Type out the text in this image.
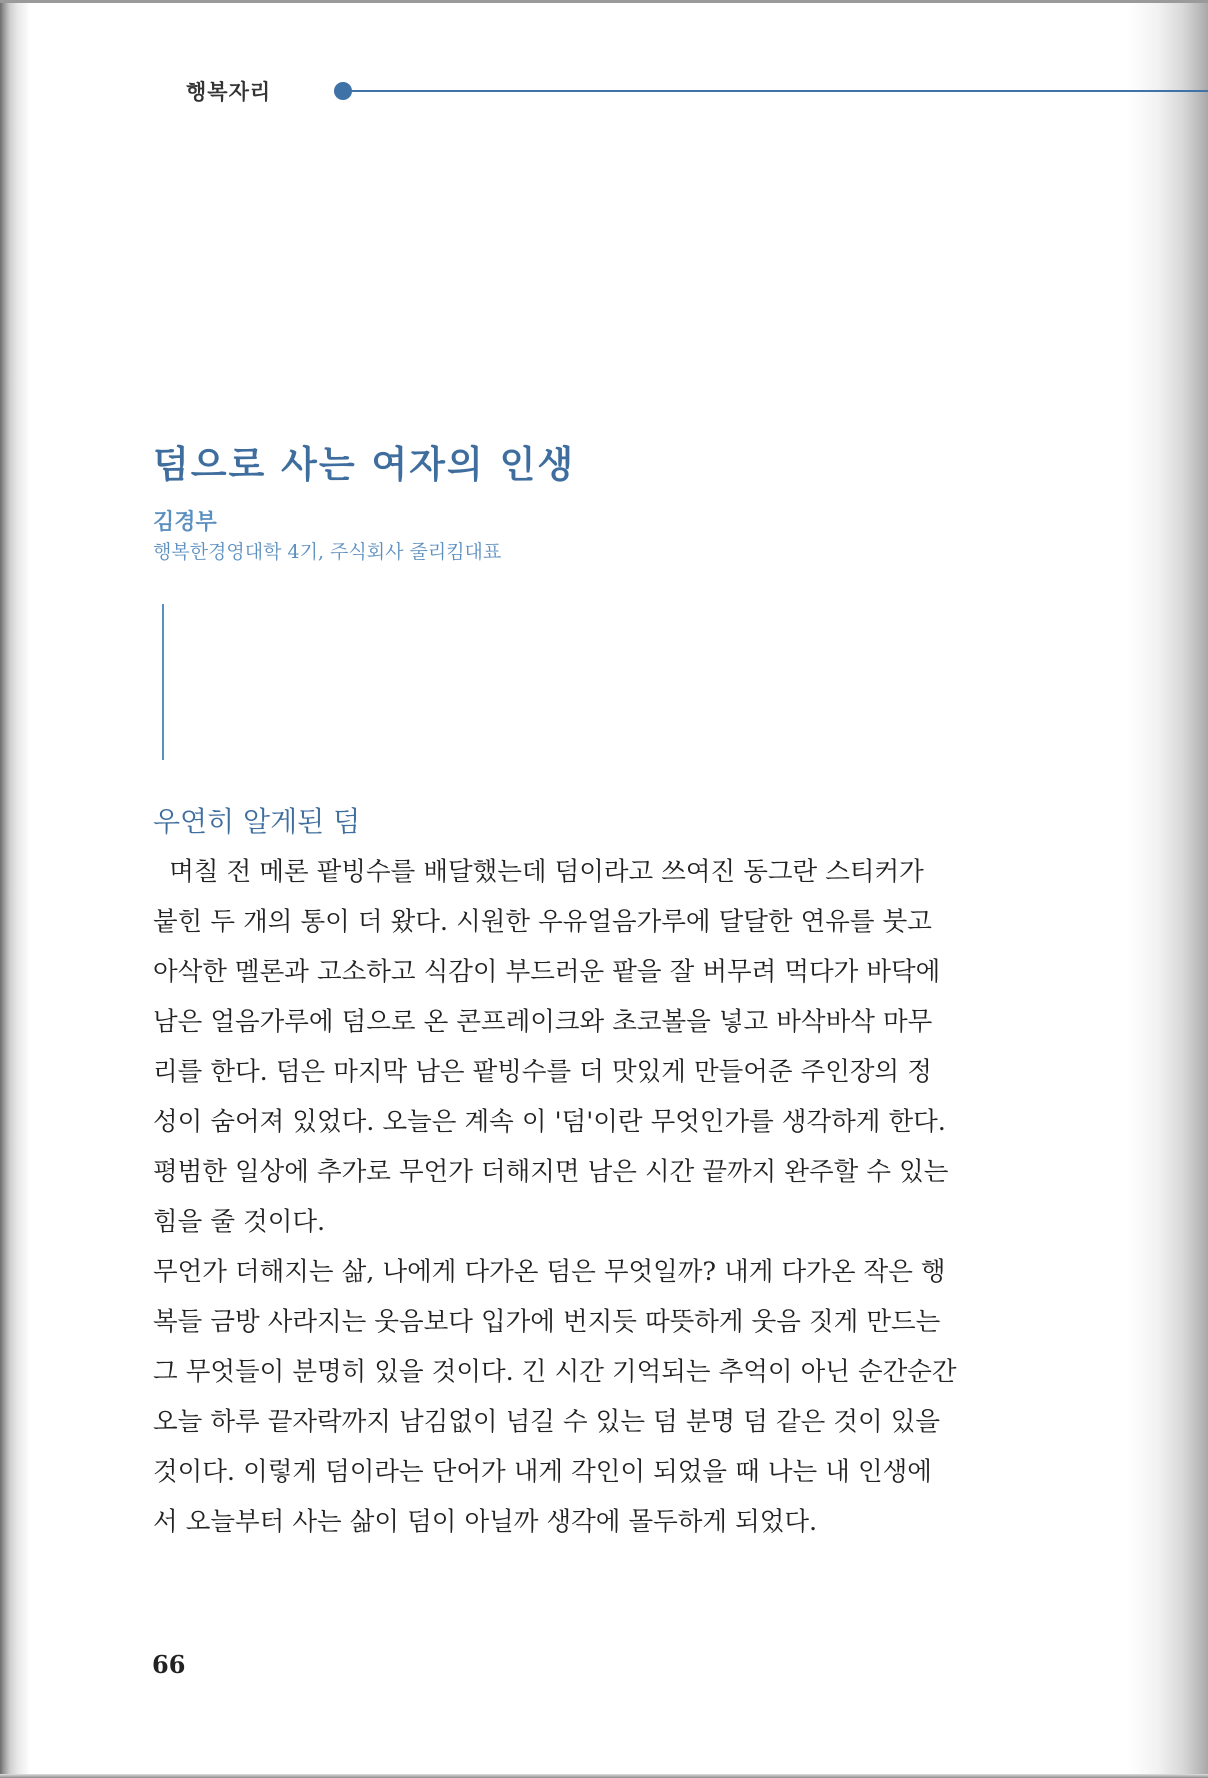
행복자리
덤으로 사는 여자의 인생
김경부
행복한경영대학 4기, 주식회사 줄리킴대표
우연히 알게된 덤
며칠 전 메론 팥빙수를 배달했는데 덤이라고 쓰여진 동그란 스티커가
붙힌 두 개의 통이 더 왔다. 시원한 우유얼음가루에 달달한 연유를 붓고
아삭한 멜론과 고소하고 식감이 부드러운 팥을 잘 버무려 먹다가 바닥에
남은 얼음가루에 덤으로 온 콘프레이크와 초코볼을 넣고 바삭바삭 마무
리를 한다. 덤은 마지막 남은 팥빙수를 더 맛있게 만들어준 주인장의 정
성이 숨어져 있었다. 오늘은 계속 이 '덤'이란 무엇인가를 생각하게 한다.
평범한 일상에 추가로 무언가 더해지면 남은 시간 끝까지 완주할 수 있는
힘을 줄 것이다.
무언가 더해지는 삶, 나에게 다가온 덤은 무엇일까? 내게 다가온 작은 행
복들 금방 사라지는 웃음보다 입가에 번지듯 따뜻하게 웃음 짓게 만드는
그 무엇들이 분명히 있을 것이다. 긴 시간 기억되는 추억이 아닌 순간순간
오늘 하루 끝자락까지 남김없이 넘길 수 있는 덤 분명 덤 같은 것이 있을
것이다. 이렇게 덤이라는 단어가 내게 각인이 되었을 때 나는 내 인생에
서 오늘부터 사는 삶이 덤이 아닐까 생각에 몰두하게 되었다.
66
